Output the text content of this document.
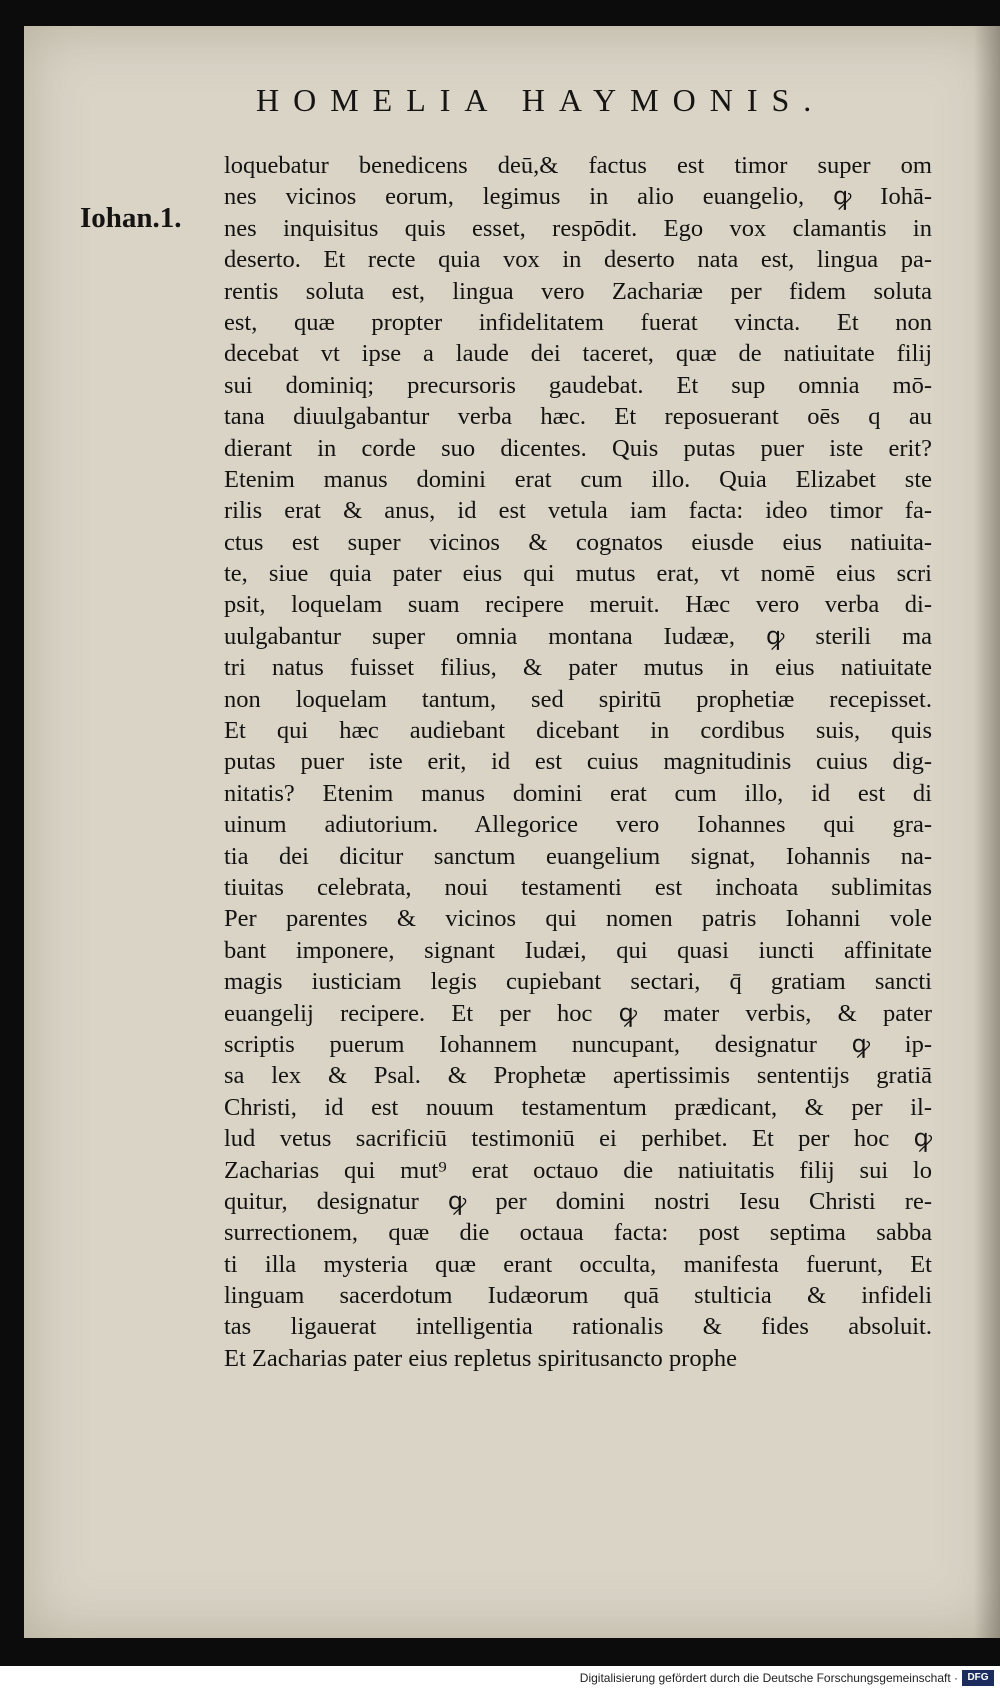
HOMELIA HAYMONIS.
Iohan.1.
loquebatur benedicens deū,& factus est timor super om
nes vicinos eorum, legimus in alio euangelio, ꝙ Iohā-
nes inquisitus quis esset, respōdit. Ego vox clamantis in
deserto. Et recte quia vox in deserto nata est, lingua pa-
rentis soluta est, lingua vero Zachariæ per fidem soluta
est, quæ propter infidelitatem fuerat vincta. Et non
decebat vt ipse a laude dei taceret, quæ de natiuitate filij
sui dominiq; precursoris gaudebat. Et sup omnia mō-
tana diuulgabantur verba hæc. Et reposuerant oēs q au
dierant in corde suo dicentes. Quis putas puer iste erit?
Etenim manus domini erat cum illo. Quia Elizabet ste
rilis erat & anus, id est vetula iam facta: ideo timor fa-
ctus est super vicinos & cognatos eiusde eius natiuita-
te, siue quia pater eius qui mutus erat, vt nomē eius scri
psit, loquelam suam recipere meruit. Hæc vero verba di-
uulgabantur super omnia montana Iudææ, ꝙ sterili ma
tri natus fuisset filius, & pater mutus in eius natiuitate
non loquelam tantum, sed spiritū prophetiæ recepisset.
Et qui hæc audiebant dicebant in cordibus suis, quis
putas puer iste erit, id est cuius magnitudinis cuius dig-
nitatis? Etenim manus domini erat cum illo, id est di
uinum adiutorium. Allegorice vero Iohannes qui gra-
tia dei dicitur sanctum euangelium signat, Iohannis na-
tiuitas celebrata, noui testamenti est inchoata sublimitas
Per parentes & vicinos qui nomen patris Iohanni vole
bant imponere, signant Iudæi, qui quasi iuncti affinitate
magis iusticiam legis cupiebant sectari, q̄ gratiam sancti
euangelij recipere. Et per hoc ꝙ mater verbis, & pater
scriptis puerum Iohannem nuncupant, designatur ꝙ ip-
sa lex & Psal. & Prophetæ apertissimis sententijs gratiā
Christi, id est nouum testamentum prædicant, & per il-
lud vetus sacrificiū testimoniū ei perhibet. Et per hoc ꝙ
Zacharias qui mut⁹ erat octauo die natiuitatis filij sui lo
quitur, designatur ꝙ per domini nostri Iesu Christi re-
surrectionem, quæ die octaua facta: post septima sabba
ti illa mysteria quæ erant occulta, manifesta fuerunt, Et
linguam sacerdotum Iudæorum quā stulticia & infideli
tas ligauerat intelligentia rationalis & fides absoluit.
Et Zacharias pater eius repletus spiritusancto prophe
Digitalisierung gefördert durch die Deutsche Forschungsgemeinschaft · DFG
